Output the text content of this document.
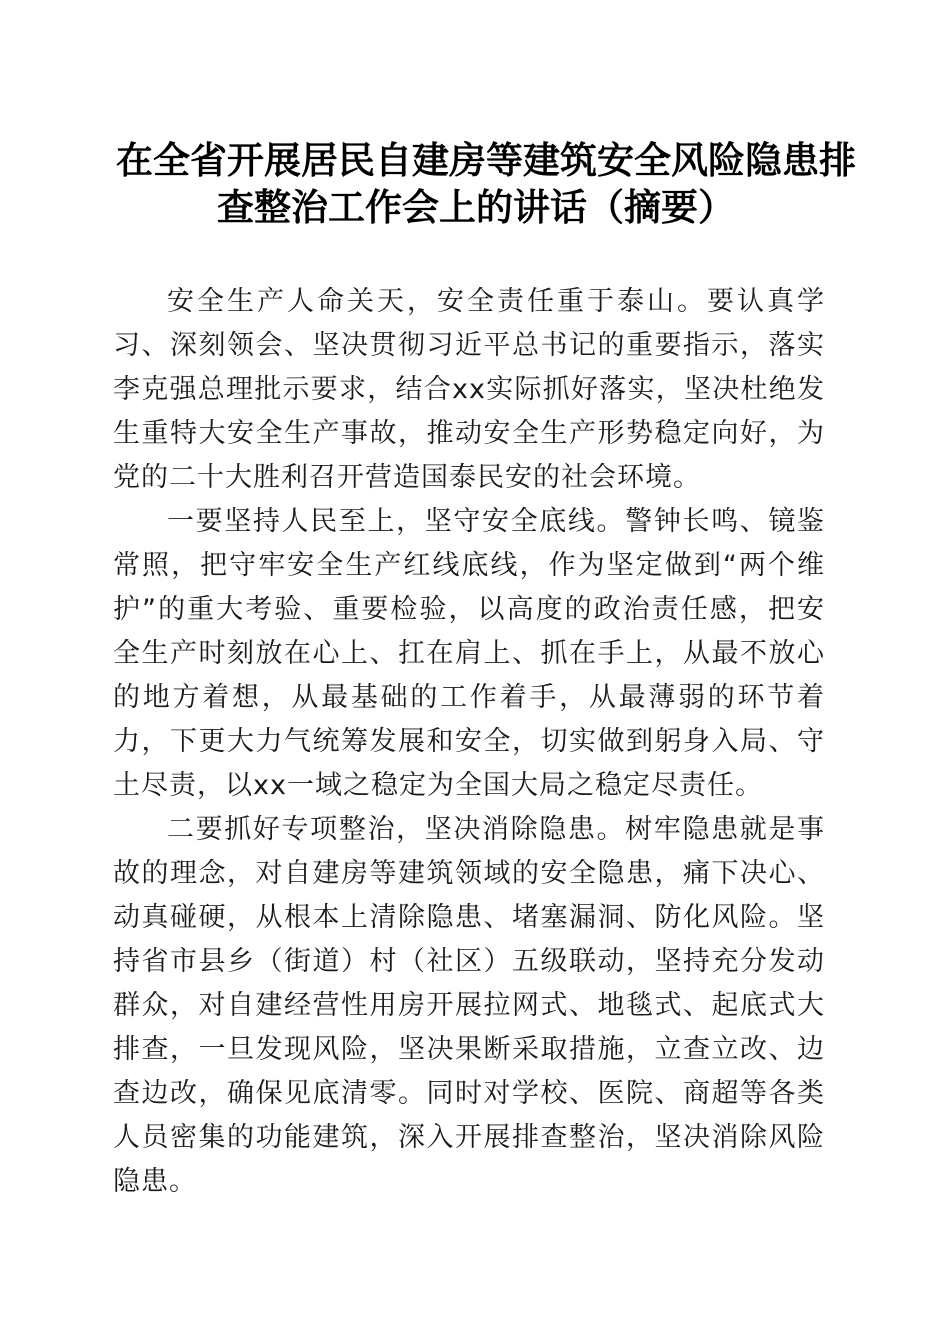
在全省开展居民自建房等建筑安全风险隐患排
查整治工作会上的讲话（摘要）

安全生产人命关天，安全责任重于泰山。要认真学习、深刻领会、坚决贯彻习近平总书记的重要指示，落实李克强总理批示要求，结合xx实际抓好落实，坚决杜绝发生重特大安全生产事故，推动安全生产形势稳定向好，为党的二十大胜利召开营造国泰民安的社会环境。

一要坚持人民至上，坚守安全底线。警钟长鸣、镜鉴常照，把守牢安全生产红线底线，作为坚定做到“两个维护”的重大考验、重要检验，以高度的政治责任感，把安全生产时刻放在心上、扛在肩上、抓在手上，从最不放心的地方着想，从最基础的工作着手，从最薄弱的环节着力，下更大力气统筹发展和安全，切实做到躬身入局、守土尽责，以xx一域之稳定为全国大局之稳定尽责任。

二要抓好专项整治，坚决消除隐患。树牢隐患就是事故的理念，对自建房等建筑领域的安全隐患，痛下决心、动真碰硬，从根本上清除隐患、堵塞漏洞、防化风险。坚持省市县乡（街道）村（社区）五级联动，坚持充分发动群众，对自建经营性用房开展拉网式、地毯式、起底式大排查，一旦发现风险，坚决果断采取措施，立查立改、边查边改，确保见底清零。同时对学校、医院、商超等各类人员密集的功能建筑，深入开展排查整治，坚决消除风险隐患。
